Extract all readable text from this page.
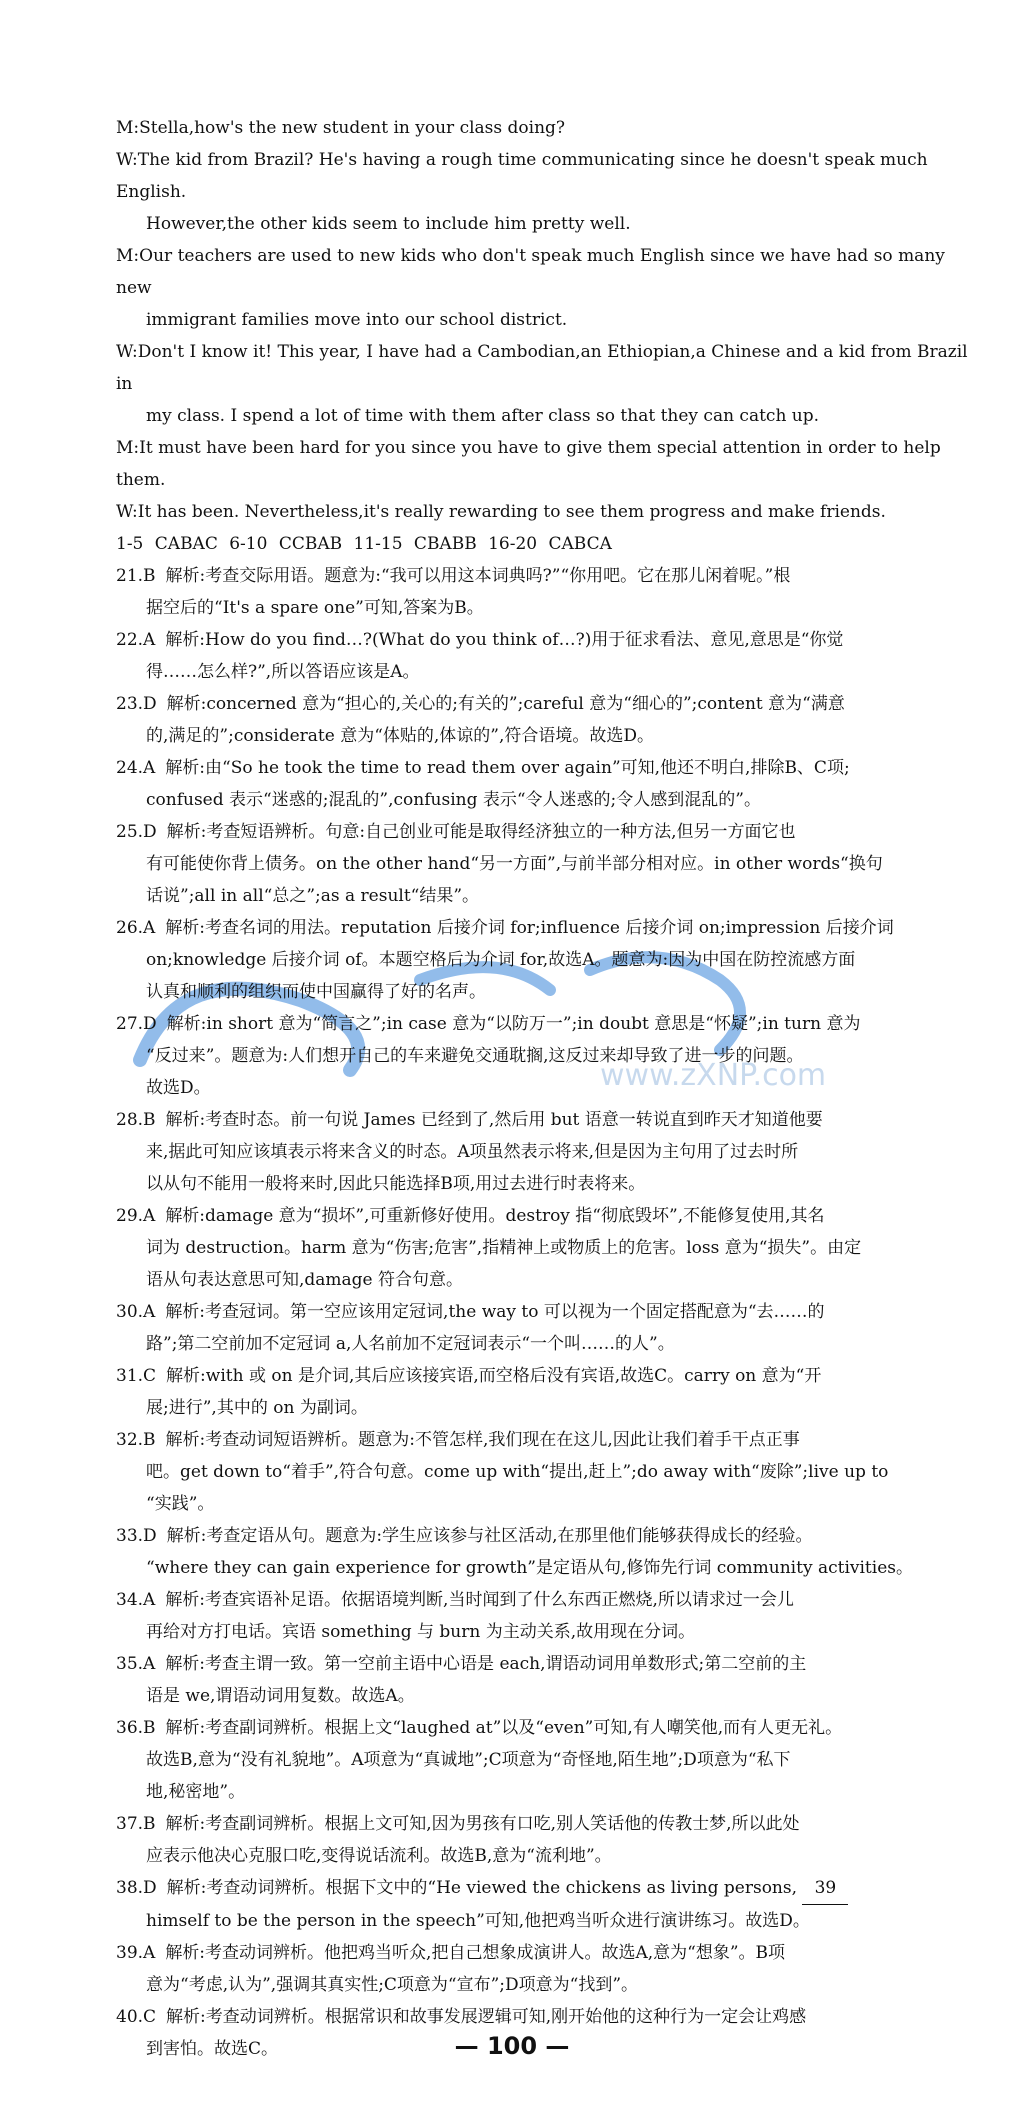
www.zXNP.com

M:Stella,how's the new student in your class doing?

W:The kid from Brazil? He's having a rough time communicating since he doesn't speak much English.

However,the other kids seem to include him pretty well.

M:Our teachers are used to new kids who don't speak much English since we have had so many new

immigrant families move into our school district.

W:Don't I know it! This year, I have had a Cambodian,an Ethiopian,a Chinese and a kid from Brazil in

my class. I spend a lot of time with them after class so that they can catch up.

M:It must have been hard for you since you have to give them special attention in order to help them.

W:It has been. Nevertheless,it's really rewarding to see them progress and make friends.

1-5 CABAC 6-10 CCBAB 11-15 CBABB 16-20 CABCA

21.B 解析:考查交际用语。题意为:“我可以用这本词典吗?”“你用吧。它在那儿闲着呢。”根

据空后的“It's a spare one”可知,答案为B。

22.A 解析:How do you find…?(What do you think of…?)用于征求看法、意见,意思是“你觉

得……怎么样?”,所以答语应该是A。

23.D 解析:concerned 意为“担心的,关心的;有关的”;careful 意为“细心的”;content 意为“满意

的,满足的”;considerate 意为“体贴的,体谅的”,符合语境。故选D。

24.A 解析:由“So he took the time to read them over again”可知,他还不明白,排除B、C项;

confused 表示“迷惑的;混乱的”,confusing 表示“令人迷惑的;令人感到混乱的”。

25.D 解析:考查短语辨析。句意:自己创业可能是取得经济独立的一种方法,但另一方面它也

有可能使你背上债务。on the other hand“另一方面”,与前半部分相对应。in other words“换句

话说”;all in all“总之”;as a result“结果”。

26.A 解析:考查名词的用法。reputation 后接介词 for;influence 后接介词 on;impression 后接介词

on;knowledge 后接介词 of。本题空格后为介词 for,故选A。题意为:因为中国在防控流感方面

认真和顺利的组织而使中国赢得了好的名声。

27.D 解析:in short 意为“简言之”;in case 意为“以防万一”;in doubt 意思是“怀疑”;in turn 意为

“反过来”。题意为:人们想开自己的车来避免交通耽搁,这反过来却导致了进一步的问题。

故选D。

28.B 解析:考查时态。前一句说 James 已经到了,然后用 but 语意一转说直到昨天才知道他要

来,据此可知应该填表示将来含义的时态。A项虽然表示将来,但是因为主句用了过去时所

以从句不能用一般将来时,因此只能选择B项,用过去进行时表将来。

29.A 解析:damage 意为“损坏”,可重新修好使用。destroy 指“彻底毁坏”,不能修复使用,其名

词为 destruction。harm 意为“伤害;危害”,指精神上或物质上的危害。loss 意为“损失”。由定

语从句表达意思可知,damage 符合句意。

30.A 解析:考查冠词。第一空应该用定冠词,the way to 可以视为一个固定搭配意为“去……的

路”;第二空前加不定冠词 a,人名前加不定冠词表示“一个叫……的人”。

31.C 解析:with 或 on 是介词,其后应该接宾语,而空格后没有宾语,故选C。carry on 意为“开

展;进行”,其中的 on 为副词。

32.B 解析:考查动词短语辨析。题意为:不管怎样,我们现在在这儿,因此让我们着手干点正事

吧。get down to“着手”,符合句意。come up with“提出,赶上”;do away with“废除”;live up to

“实践”。

33.D 解析:考查定语从句。题意为:学生应该参与社区活动,在那里他们能够获得成长的经验。

“where they can gain experience for growth”是定语从句,修饰先行词 community activities。

34.A 解析:考查宾语补足语。依据语境判断,当时闻到了什么东西正燃烧,所以请求过一会儿

再给对方打电话。宾语 something 与 burn 为主动关系,故用现在分词。

35.A 解析:考查主谓一致。第一空前主语中心语是 each,谓语动词用单数形式;第二空前的主

语是 we,谓语动词用复数。故选A。

36.B 解析:考查副词辨析。根据上文“laughed at”以及“even”可知,有人嘲笑他,而有人更无礼。

故选B,意为“没有礼貌地”。A项意为“真诚地”;C项意为“奇怪地,陌生地”;D项意为“私下

地,秘密地”。

37.B 解析:考查副词辨析。根据上文可知,因为男孩有口吃,别人笑话他的传教士梦,所以此处

应表示他决心克服口吃,变得说话流利。故选B,意为“流利地”。

38.D 解析:考查动词辨析。根据下文中的“He viewed the chickens as living persons, 39

himself to be the person in the speech”可知,他把鸡当听众进行演讲练习。故选D。

39.A 解析:考查动词辨析。他把鸡当听众,把自己想象成演讲人。故选A,意为“想象”。B项

意为“考虑,认为”,强调其真实性;C项意为“宣布”;D项意为“找到”。

40.C 解析:考查动词辨析。根据常识和故事发展逻辑可知,刚开始他的这种行为一定会让鸡感

到害怕。故选C。	— 100 —
